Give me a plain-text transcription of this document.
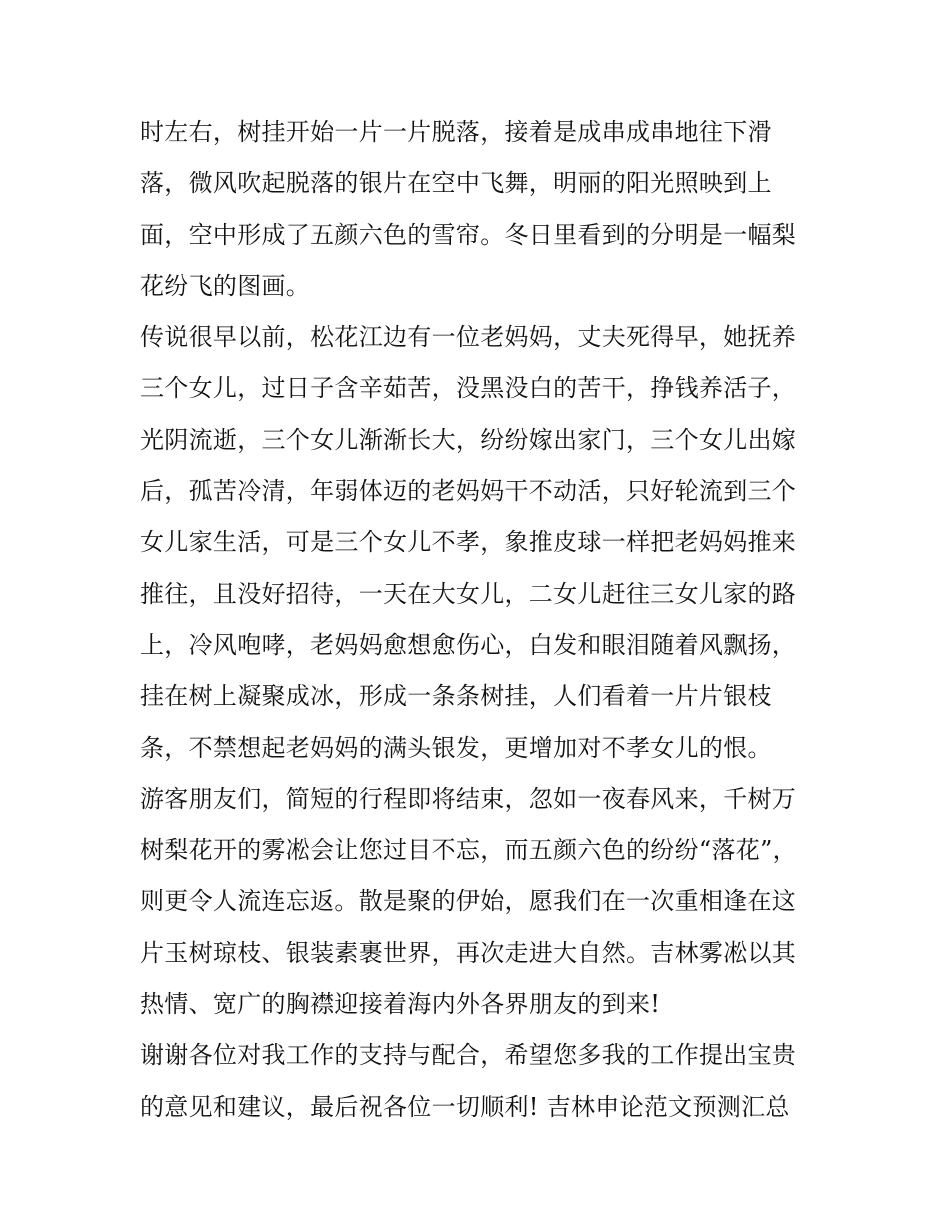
时左右，树挂开始一片一片脱落，接着是成串成串地往下滑
落，微风吹起脱落的银片在空中飞舞，明丽的阳光照映到上
面，空中形成了五颜六色的雪帘。冬日里看到的分明是一幅梨
花纷飞的图画。
传说很早以前，松花江边有一位老妈妈，丈夫死得早，她抚养
三个女儿，过日子含辛茹苦，没黑没白的苦干，挣钱养活子，
光阴流逝，三个女儿渐渐长大，纷纷嫁出家门，三个女儿出嫁
后，孤苦冷清，年弱体迈的老妈妈干不动活，只好轮流到三个
女儿家生活，可是三个女儿不孝，象推皮球一样把老妈妈推来
推往，且没好招待，一天在大女儿，二女儿赶往三女儿家的路
上，冷风咆哮，老妈妈愈想愈伤心，白发和眼泪随着风飘扬，
挂在树上凝聚成冰，形成一条条树挂，人们看着一片片银枝
条，不禁想起老妈妈的满头银发，更增加对不孝女儿的恨。
游客朋友们，简短的行程即将结束，忽如一夜春风来，千树万
树梨花开的雾凇会让您过目不忘，而五颜六色的纷纷“落花”，
则更令人流连忘返。散是聚的伊始，愿我们在一次重相逢在这
片玉树琼枝、银装素裹世界，再次走进大自然。吉林雾凇以其
热情、宽广的胸襟迎接着海内外各界朋友的到来!
谢谢各位对我工作的支持与配合，希望您多我的工作提出宝贵
的意见和建议，最后祝各位一切顺利! 吉林申论范文预测汇总
